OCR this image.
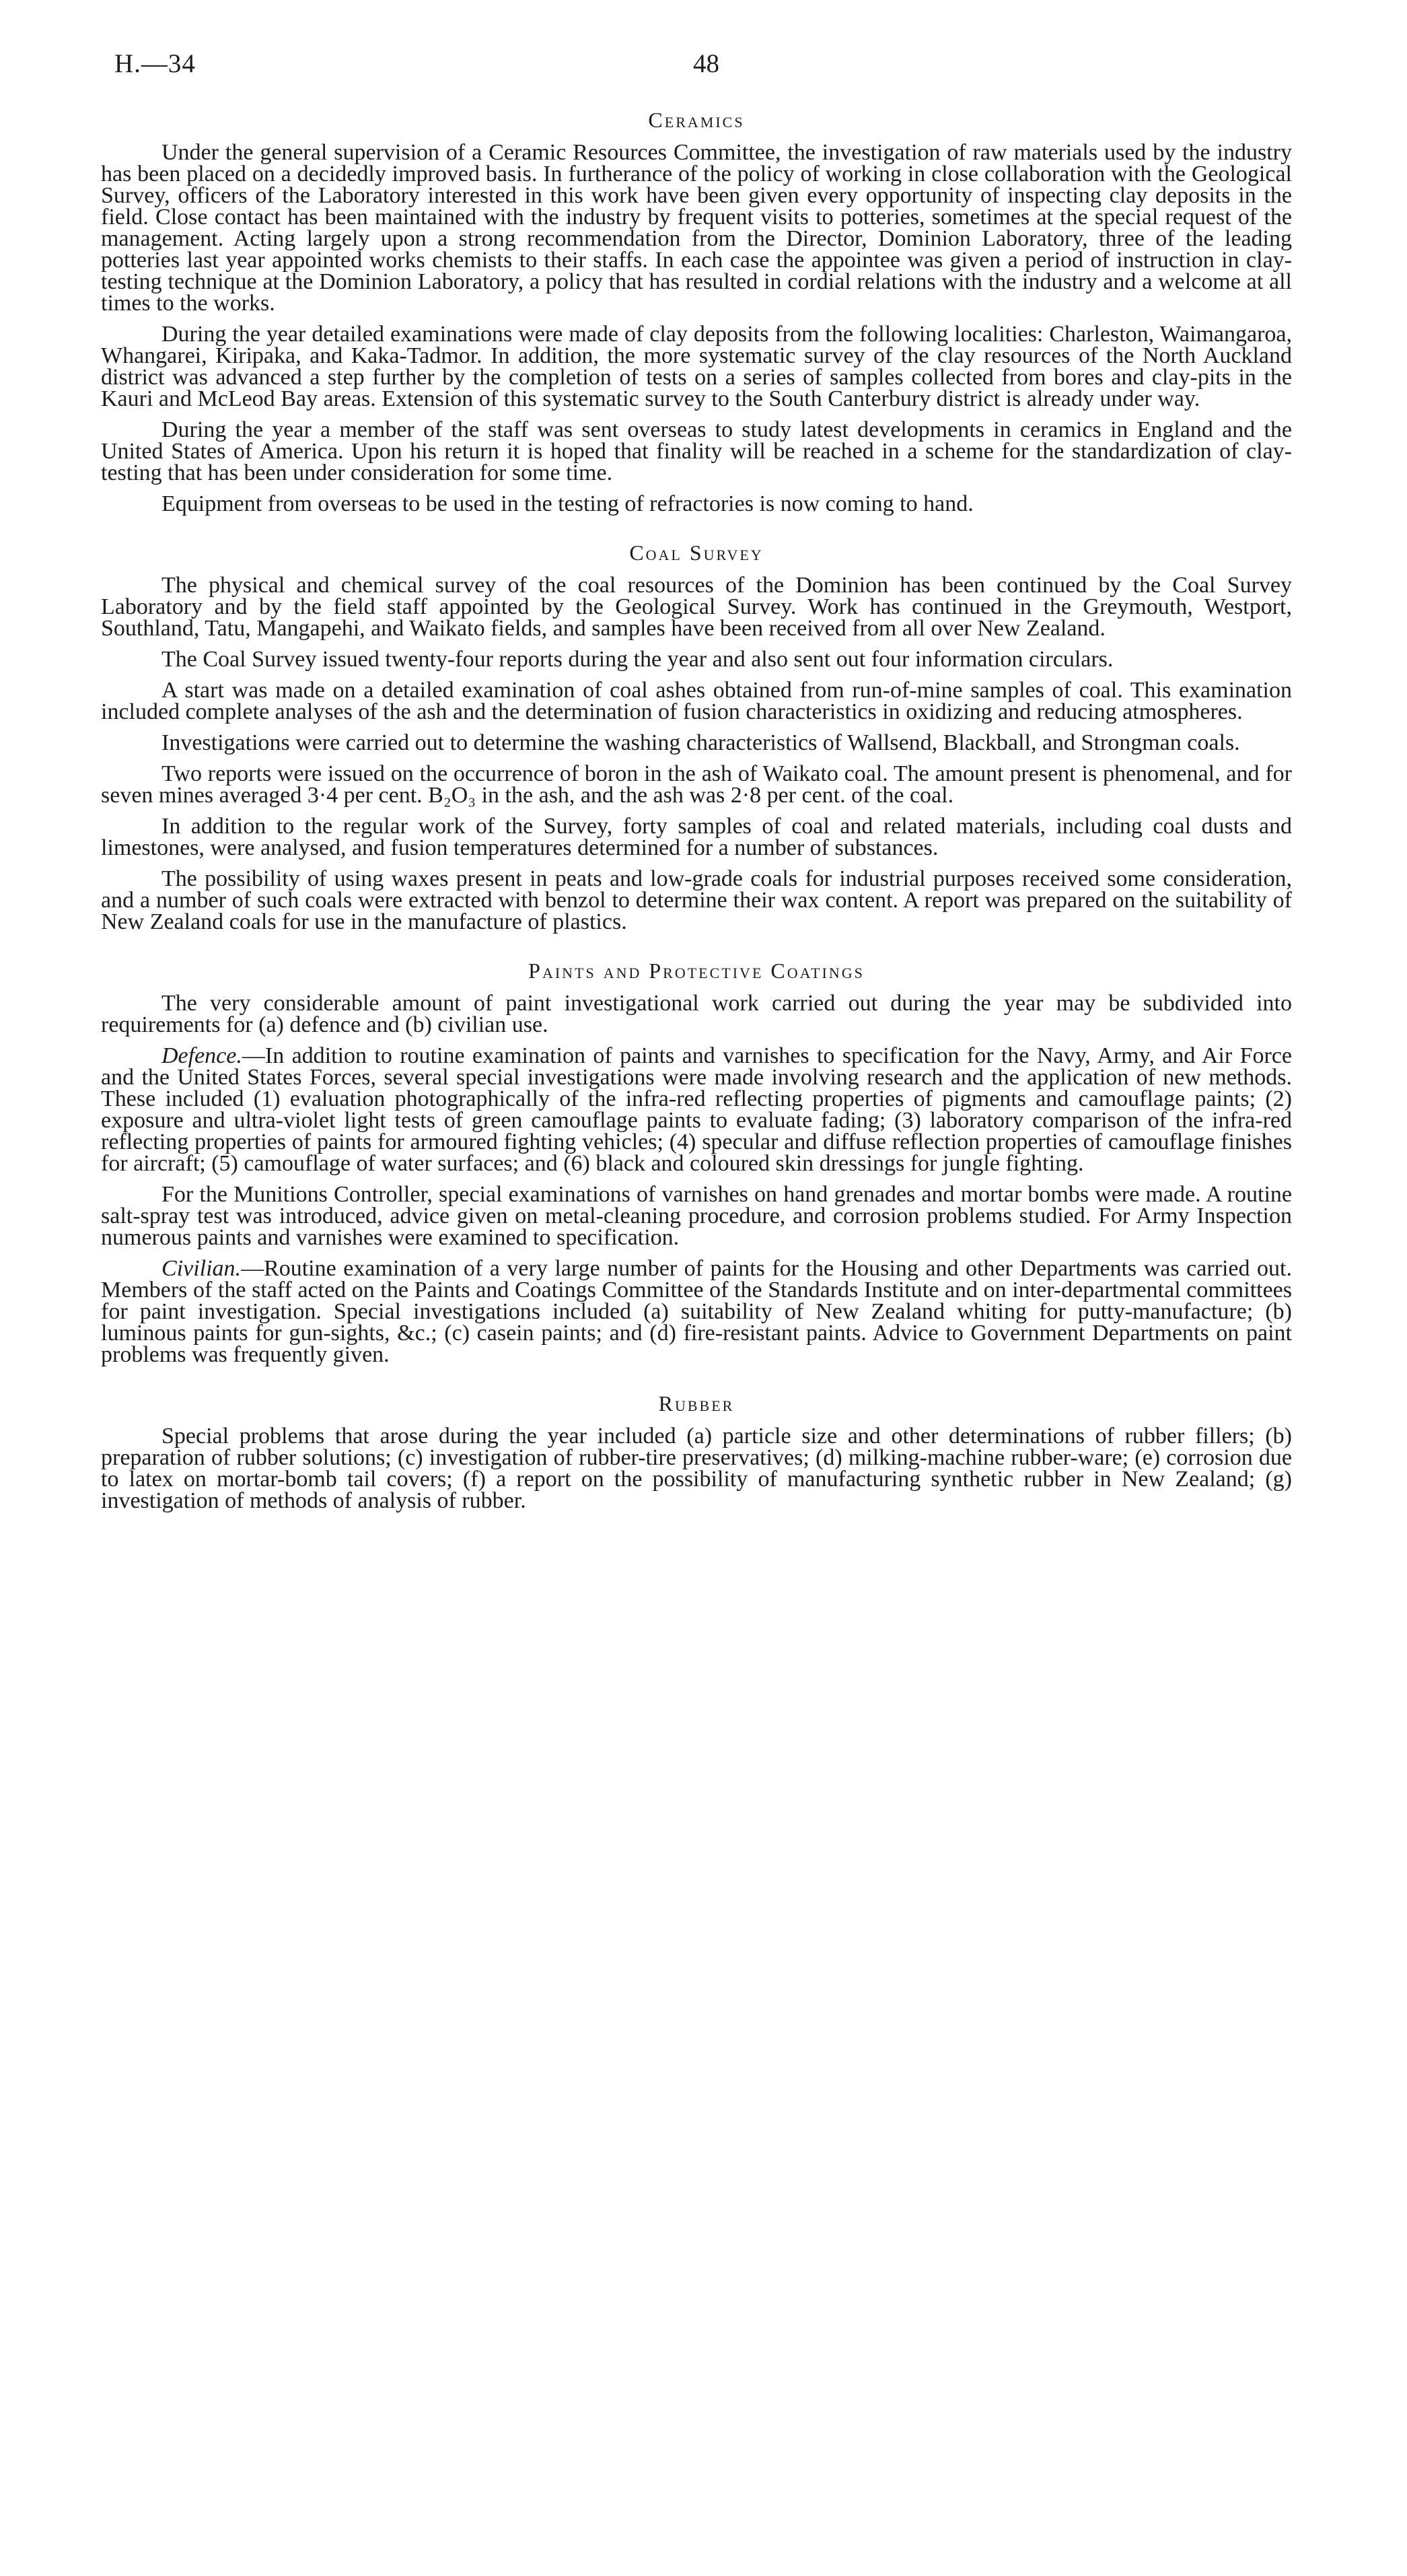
H.—34	48
Ceramics

Under the general supervision of a Ceramic Resources Committee, the investigation of raw materials used by the industry has been placed on a decidedly improved basis. In furtherance of the policy of working in close collaboration with the Geological Survey, officers of the Laboratory interested in this work have been given every opportunity of inspecting clay deposits in the field. Close contact has been maintained with the industry by frequent visits to potteries, sometimes at the special request of the management. Acting largely upon a strong recommendation from the Director, Dominion Laboratory, three of the leading potteries last year appointed works chemists to their staffs. In each case the appointee was given a period of instruction in clay-testing technique at the Dominion Laboratory, a policy that has resulted in cordial relations with the industry and a welcome at all times to the works.

During the year detailed examinations were made of clay deposits from the following localities: Charleston, Waimangaroa, Whangarei, Kiripaka, and Kaka-Tadmor. In addition, the more systematic survey of the clay resources of the North Auckland district was advanced a step further by the completion of tests on a series of samples collected from bores and clay-pits in the Kauri and McLeod Bay areas. Extension of this systematic survey to the South Canterbury district is already under way.

During the year a member of the staff was sent overseas to study latest developments in ceramics in England and the United States of America. Upon his return it is hoped that finality will be reached in a scheme for the standardization of clay-testing that has been under consideration for some time.

Equipment from overseas to be used in the testing of refractories is now coming to hand.

Coal Survey

The physical and chemical survey of the coal resources of the Dominion has been continued by the Coal Survey Laboratory and by the field staff appointed by the Geological Survey. Work has continued in the Greymouth, Westport, Southland, Tatu, Mangapehi, and Waikato fields, and samples have been received from all over New Zealand.

The Coal Survey issued twenty-four reports during the year and also sent out four information circulars.

A start was made on a detailed examination of coal ashes obtained from run-of-mine samples of coal. This examination included complete analyses of the ash and the determination of fusion characteristics in oxidizing and reducing atmospheres.

Investigations were carried out to determine the washing characteristics of Wallsend, Blackball, and Strongman coals.

Two reports were issued on the occurrence of boron in the ash of Waikato coal. The amount present is phenomenal, and for seven mines averaged 3·4 per cent. B₂O₃ in the ash, and the ash was 2·8 per cent. of the coal.

In addition to the regular work of the Survey, forty samples of coal and related materials, including coal dusts and limestones, were analysed, and fusion temperatures determined for a number of substances.

The possibility of using waxes present in peats and low-grade coals for industrial purposes received some consideration, and a number of such coals were extracted with benzol to determine their wax content. A report was prepared on the suitability of New Zealand coals for use in the manufacture of plastics.

Paints and Protective Coatings

The very considerable amount of paint investigational work carried out during the year may be subdivided into requirements for (a) defence and (b) civilian use.

Defence.—In addition to routine examination of paints and varnishes to specification for the Navy, Army, and Air Force and the United States Forces, several special investigations were made involving research and the application of new methods. These included (1) evaluation photographically of the infra-red reflecting properties of pigments and camouflage paints; (2) exposure and ultra-violet light tests of green camouflage paints to evaluate fading; (3) laboratory comparison of the infra-red reflecting properties of paints for armoured fighting vehicles; (4) specular and diffuse reflection properties of camouflage finishes for aircraft; (5) camouflage of water surfaces; and (6) black and coloured skin dressings for jungle fighting.

For the Munitions Controller, special examinations of varnishes on hand grenades and mortar bombs were made. A routine salt-spray test was introduced, advice given on metal-cleaning procedure, and corrosion problems studied. For Army Inspection numerous paints and varnishes were examined to specification.

Civilian.—Routine examination of a very large number of paints for the Housing and other Departments was carried out. Members of the staff acted on the Paints and Coatings Committee of the Standards Institute and on inter-departmental committees for paint investigation. Special investigations included (a) suitability of New Zealand whiting for putty-manufacture; (b) luminous paints for gun-sights, &c.; (c) casein paints; and (d) fire-resistant paints. Advice to Government Departments on paint problems was frequently given.

Rubber

Special problems that arose during the year included (a) particle size and other determinations of rubber fillers; (b) preparation of rubber solutions; (c) investigation of rubber-tire preservatives; (d) milking-machine rubber-ware; (e) corrosion due to latex on mortar-bomb tail covers; (f) a report on the possibility of manufacturing synthetic rubber in New Zealand; (g) investigation of methods of analysis of rubber.
